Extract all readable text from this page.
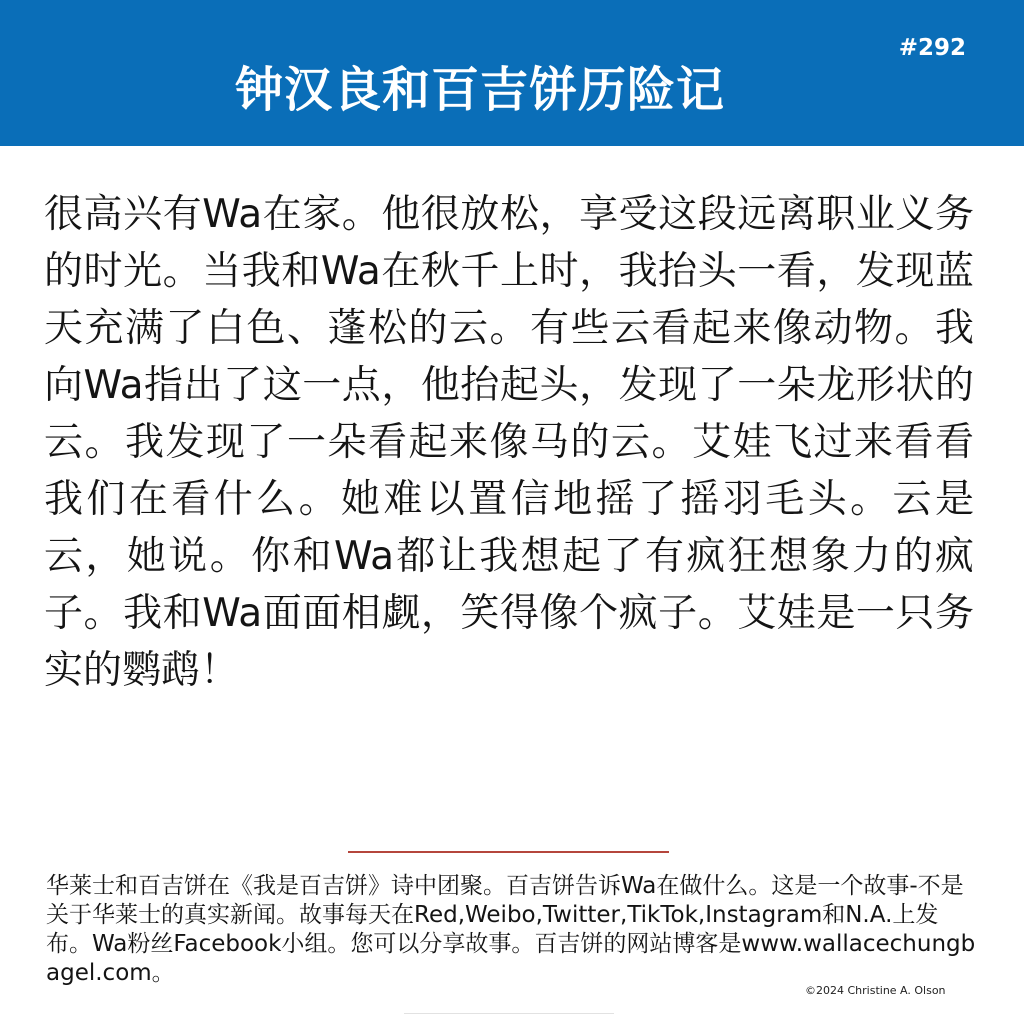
钟汉良和百吉饼历险记
#292

很高兴有Wa在家。他很放松，享受这段远离职业义务的时光。当我和Wa在秋千上时，我抬头一看，发现蓝天充满了白色、蓬松的云。有些云看起来像动物。我向Wa指出了这一点，他抬起头，发现了一朵龙形状的云。我发现了一朵看起来像马的云。艾娃飞过来看看我们在看什么。她难以置信地摇了摇羽毛头。云是云，她说。你和Wa都让我想起了有疯狂想象力的疯子。我和Wa面面相觑，笑得像个疯子。艾娃是一只务实的鹦鹉！

华莱士和百吉饼在《我是百吉饼》诗中团聚。百吉饼告诉Wa在做什么。这是一个故事-不是关于华莱士的真实新闻。故事每天在Red,Weibo,Twitter,TikTok,Instagram和N.A.上发布。Wa粉丝Facebook小组。您可以分享故事。百吉饼的网站博客是www.wallacechungbagel.com。

©2024 Christine A. Olson
